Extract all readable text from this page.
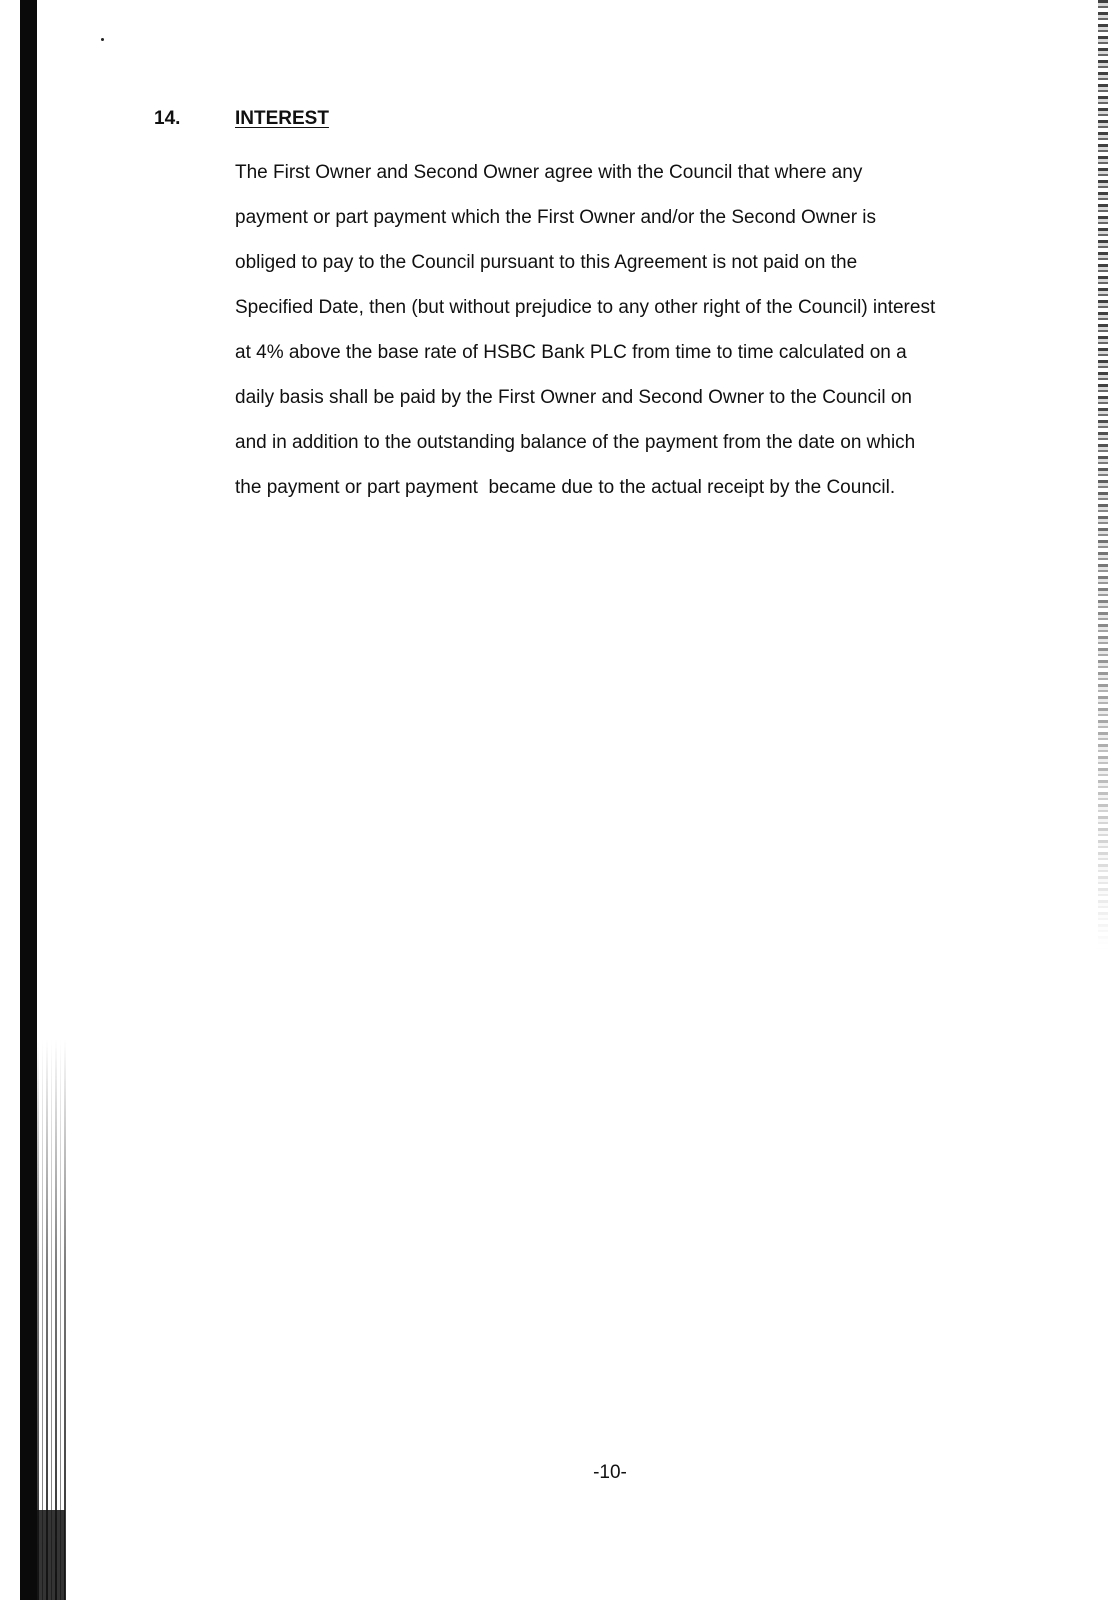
14.	INTEREST
The First Owner and Second Owner agree with the Council that where any
payment or part payment which the First Owner and/or the Second Owner is
obliged to pay to the Council pursuant to this Agreement is not paid on the
Specified Date, then (but without prejudice to any other right of the Council) interest
at 4% above the base rate of HSBC Bank PLC from time to time calculated on a
daily basis shall be paid by the First Owner and Second Owner to the Council on
and in addition to the outstanding balance of the payment from the date on which
the payment or part payment  became due to the actual receipt by the Council.
-10-
